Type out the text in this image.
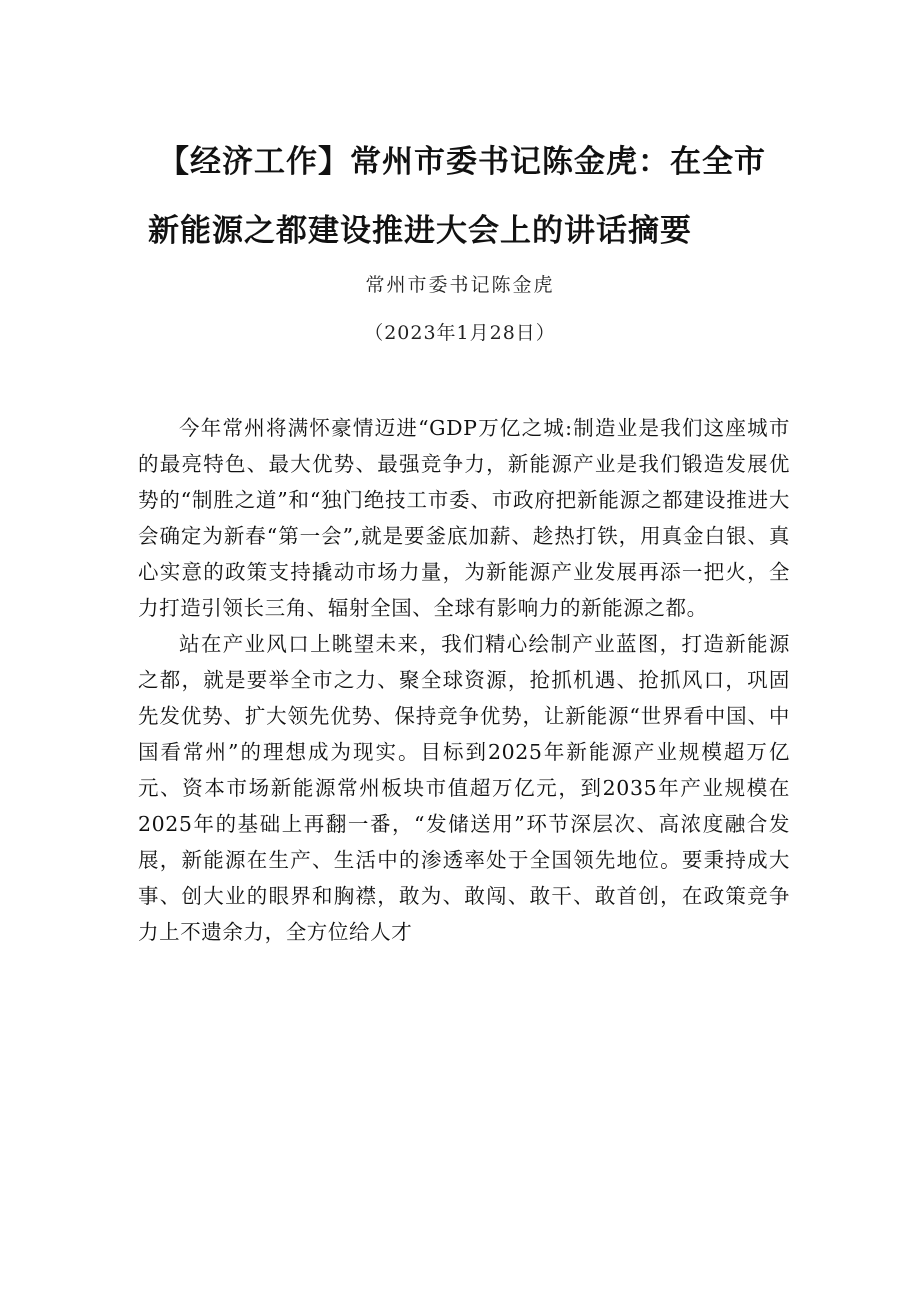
【经济工作】常州市委书记陈金虎：在全市
新能源之都建设推进大会上的讲话摘要
常州市委书记陈金虎
（2023年1月28日）

今年常州将满怀豪情迈进“GDP万亿之城:制造业是我们这座城市的最亮特色、最大优势、最强竞争力，新能源产业是我们锻造发展优势的“制胜之道”和“独门绝技工市委、市政府把新能源之都建设推进大会确定为新春“第一会”,就是要釜底加薪、趁热打铁，用真金白银、真心实意的政策支持撬动市场力量，为新能源产业发展再添一把火，全力打造引领长三角、辐射全国、全球有影响力的新能源之都。

站在产业风口上眺望未来，我们精心绘制产业蓝图，打造新能源之都，就是要举全市之力、聚全球资源，抢抓机遇、抢抓风口，巩固先发优势、扩大领先优势、保持竞争优势，让新能源“世界看中国、中国看常州”的理想成为现实。目标到2025年新能源产业规模超万亿元、资本市场新能源常州板块市值超万亿元，到2035年产业规模在2025年的基础上再翻一番，“发储送用”环节深层次、高浓度融合发展，新能源在生产、生活中的渗透率处于全国领先地位。要秉持成大事、创大业的眼界和胸襟，敢为、敢闯、敢干、敢首创，在政策竞争力上不遗余力，全方位给人才
